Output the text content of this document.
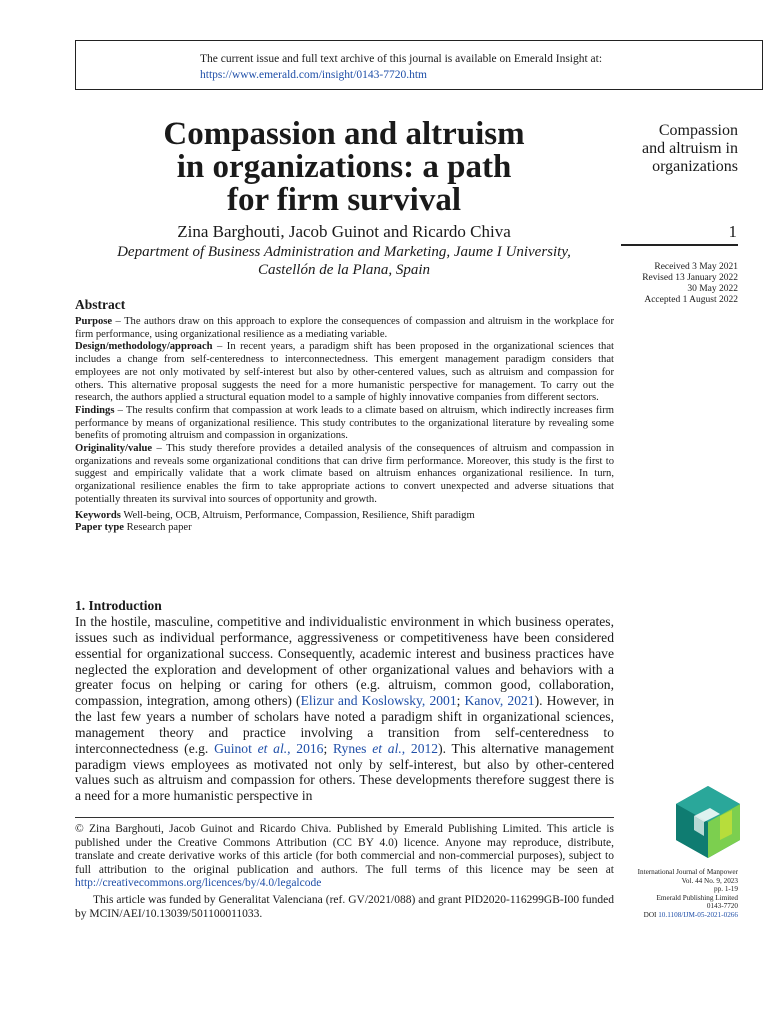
The current issue and full text archive of this journal is available on Emerald Insight at:
https://www.emerald.com/insight/0143-7720.htm
Compassion and altruism
in organizations: a path
for firm survival
Zina Barghouti, Jacob Guinot and Ricardo Chiva
Department of Business Administration and Marketing, Jaume I University,
Castellón de la Plana, Spain
Compassion
and altruism in
organizations
1
Received 3 May 2021
Revised 13 January 2022
30 May 2022
Accepted 1 August 2022
Abstract

Purpose – The authors draw on this approach to explore the consequences of compassion and altruism in the workplace for firm performance, using organizational resilience as a mediating variable.

Design/methodology/approach – In recent years, a paradigm shift has been proposed in the organizational sciences that includes a change from self-centeredness to interconnectedness. This emergent management paradigm considers that employees are not only motivated by self-interest but also by other-centered values, such as altruism and compassion for others. This alternative proposal suggests the need for a more humanistic perspective for management. To carry out the research, the authors applied a structural equation model to a sample of highly innovative companies from different sectors.

Findings – The results confirm that compassion at work leads to a climate based on altruism, which indirectly increases firm performance by means of organizational resilience. This study contributes to the organizational literature by revealing some benefits of promoting altruism and compassion in organizations.

Originality/value – This study therefore provides a detailed analysis of the consequences of altruism and compassion in organizations and reveals some organizational conditions that can drive firm performance. Moreover, this study is the first to suggest and empirically validate that a work climate based on altruism enhances organizational resilience. In turn, organizational resilience enables the firm to take appropriate actions to convert unexpected and adverse situations that potentially threaten its survival into sources of opportunity and growth.

Keywords Well-being, OCB, Altruism, Performance, Compassion, Resilience, Shift paradigm

Paper type Research paper

1. Introduction

In the hostile, masculine, competitive and individualistic environment in which business operates, issues such as individual performance, aggressiveness or competitiveness have been considered essential for organizational success. Consequently, academic interest and business practices have neglected the exploration and development of other organizational values and behaviors with a greater focus on helping or caring for others (e.g. altruism, common good, collaboration, compassion, integration, among others) (Elizur and Koslowsky, 2001; Kanov, 2021). However, in the last few years a number of scholars have noted a paradigm shift in organizational sciences, management theory and practice involving a transition from self-centeredness to interconnectedness (e.g. Guinot et al., 2016; Rynes et al., 2012). This alternative management paradigm views employees as motivated not only by self-interest, but also by other-centered values such as altruism and compassion for others. These developments therefore suggest there is a need for a more humanistic perspective in

© Zina Barghouti, Jacob Guinot and Ricardo Chiva. Published by Emerald Publishing Limited. This article is published under the Creative Commons Attribution (CC BY 4.0) licence. Anyone may reproduce, distribute, translate and create derivative works of this article (for both commercial and non-commercial purposes), subject to full attribution to the original publication and authors. The full terms of this licence may be seen at http://creativecommons.org/licences/by/4.0/legalcode

This article was funded by Generalitat Valenciana (ref. GV/2021/088) and grant PID2020-116299GB-I00 funded by MCIN/AEI/10.13039/501100011033.

International Journal of Manpower
Vol. 44 No. 9, 2023
pp. 1-19
Emerald Publishing Limited
0143-7720
DOI 10.1108/IJM-05-2021-0266
